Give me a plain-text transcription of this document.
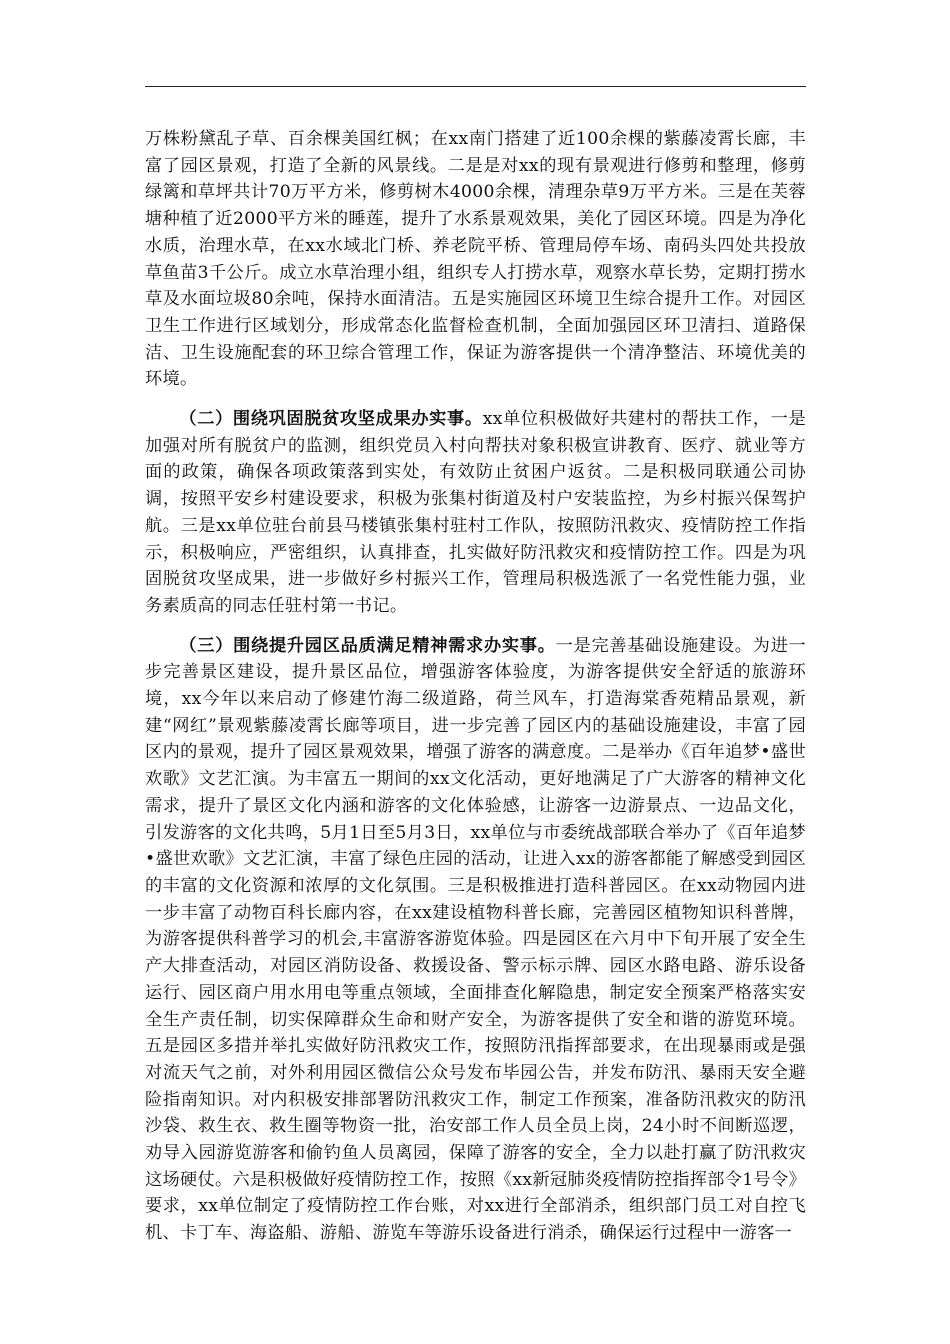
万株粉黛乱子草、百余棵美国红枫；在xx南门搭建了近100余棵的紫藤凌霄长廊，丰富了园区景观，打造了全新的风景线。二是是对xx的现有景观进行修剪和整理，修剪绿篱和草坪共计70万平方米，修剪树木4000余棵，清理杂草9万平方米。三是在芙蓉塘种植了近2000平方米的睡莲，提升了水系景观效果，美化了园区环境。四是为净化水质，治理水草，在xx水域北门桥、养老院平桥、管理局停车场、南码头四处共投放草鱼苗3千公斤。成立水草治理小组，组织专人打捞水草，观察水草长势，定期打捞水草及水面垃圾80余吨，保持水面清洁。五是实施园区环境卫生综合提升工作。对园区卫生工作进行区域划分，形成常态化监督检查机制，全面加强园区环卫清扫、道路保洁、卫生设施配套的环卫综合管理工作，保证为游客提供一个清净整洁、环境优美的环境。

（二）围绕巩固脱贫攻坚成果办实事。xx单位积极做好共建村的帮扶工作，一是加强对所有脱贫户的监测，组织党员入村向帮扶对象积极宣讲教育、医疗、就业等方面的政策，确保各项政策落到实处，有效防止贫困户返贫。二是积极同联通公司协调，按照平安乡村建设要求，积极为张集村街道及村户安装监控，为乡村振兴保驾护航。三是xx单位驻台前县马楼镇张集村驻村工作队，按照防汛救灾、疫情防控工作指示，积极响应，严密组织，认真排查，扎实做好防汛救灾和疫情防控工作。四是为巩固脱贫攻坚成果，进一步做好乡村振兴工作，管理局积极选派了一名党性能力强，业务素质高的同志任驻村第一书记。

（三）围绕提升园区品质满足精神需求办实事。一是完善基础设施建设。为进一步完善景区建设，提升景区品位，增强游客体验度，为游客提供安全舒适的旅游环境，xx今年以来启动了修建竹海二级道路，荷兰风车，打造海棠香苑精品景观，新建“网红”景观紫藤凌霄长廊等项目，进一步完善了园区内的基础设施建设，丰富了园区内的景观，提升了园区景观效果，增强了游客的满意度。二是举办《百年追梦•盛世欢歌》文艺汇演。为丰富五一期间的xx文化活动，更好地满足了广大游客的精神文化需求，提升了景区文化内涵和游客的文化体验感，让游客一边游景点、一边品文化，引发游客的文化共鸣，5月1日至5月3日，xx单位与市委统战部联合举办了《百年追梦•盛世欢歌》文艺汇演，丰富了绿色庄园的活动，让进入xx的游客都能了解感受到园区的丰富的文化资源和浓厚的文化氛围。三是积极推进打造科普园区。在xx动物园内进一步丰富了动物百科长廊内容，在xx建设植物科普长廊，完善园区植物知识科普牌，为游客提供科普学习的机会,丰富游客游览体验。四是园区在六月中下旬开展了安全生产大排查活动，对园区消防设备、救援设备、警示标示牌、园区水路电路、游乐设备运行、园区商户用水用电等重点领域，全面排查化解隐患，制定安全预案严格落实安全生产责任制，切实保障群众生命和财产安全，为游客提供了安全和谐的游览环境。五是园区多措并举扎实做好防汛救灾工作，按照防汛指挥部要求，在出现暴雨或是强对流天气之前，对外利用园区微信公众号发布毕园公告，并发布防汛、暴雨天安全避险指南知识。对内积极安排部署防汛救灾工作，制定工作预案，准备防汛救灾的防汛沙袋、救生衣、救生圈等物资一批，治安部工作人员全员上岗，24小时不间断巡逻，劝导入园游览游客和偷钓鱼人员离园，保障了游客的安全，全力以赴打赢了防汛救灾这场硬仗。六是积极做好疫情防控工作，按照《xx新冠肺炎疫情防控指挥部令1号令》要求，xx单位制定了疫情防控工作台账，对xx进行全部消杀，组织部门员工对自控飞机、卡丁车、海盗船、游船、游览车等游乐设备进行消杀，确保运行过程中一游客一
